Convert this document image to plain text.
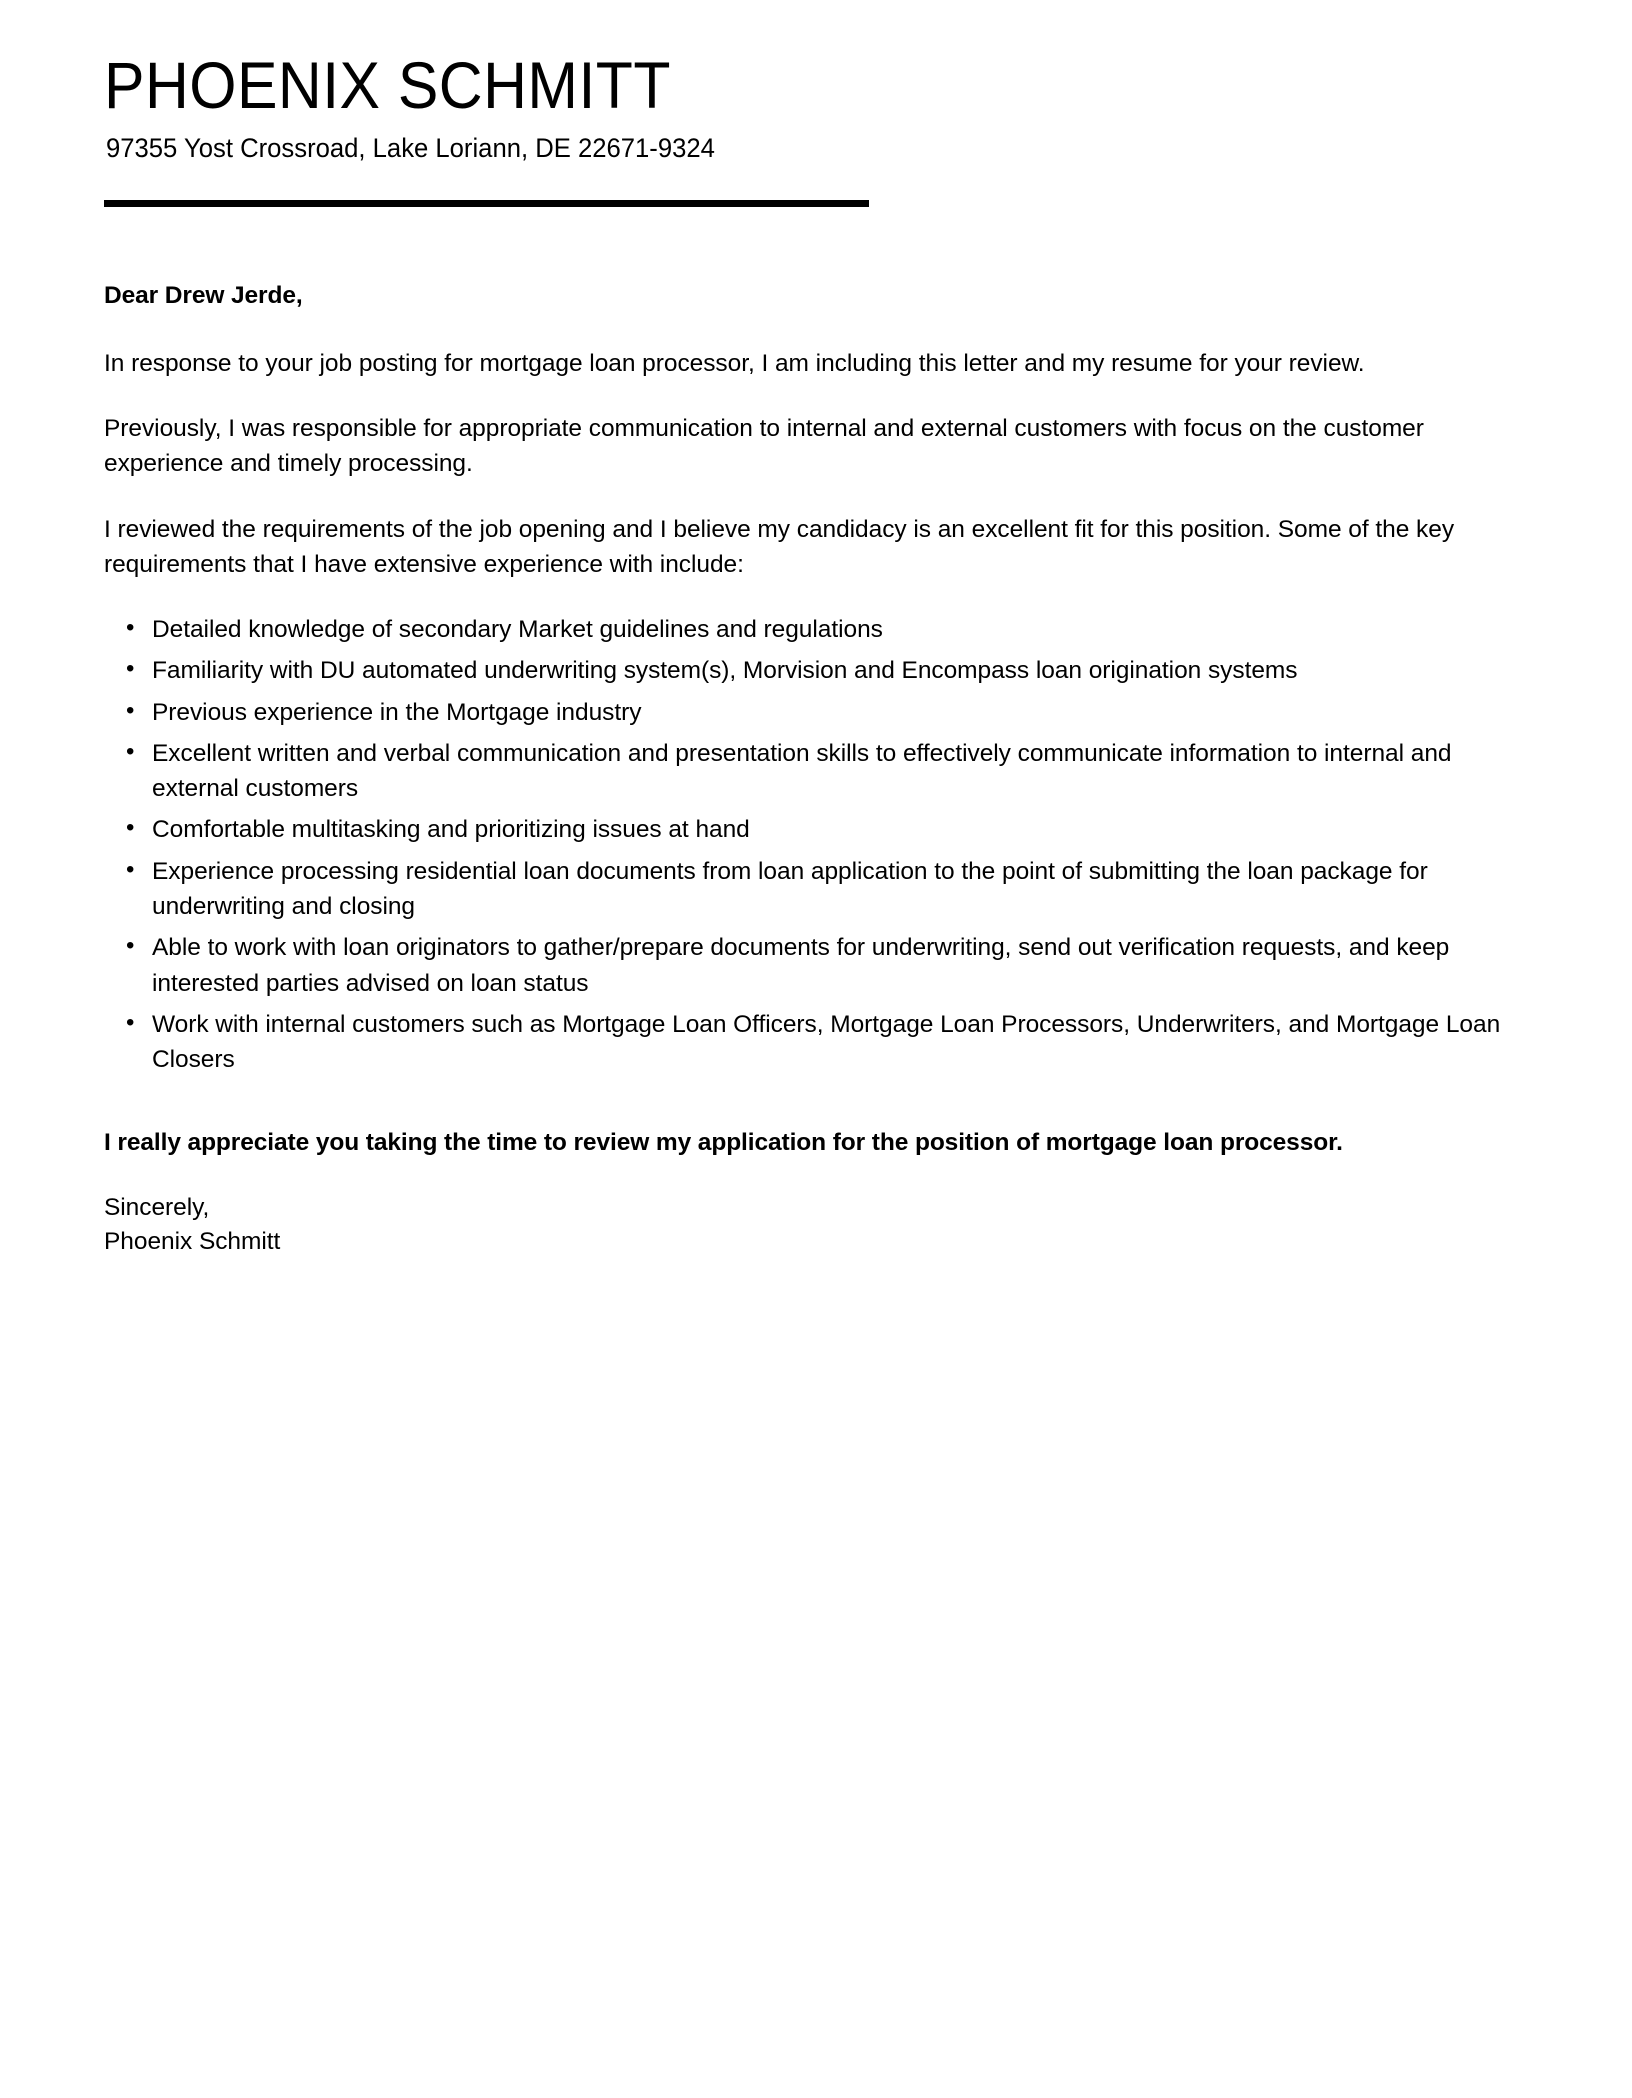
PHOENIX SCHMITT
97355 Yost Crossroad, Lake Loriann, DE 22671-9324

Dear Drew Jerde,

In response to your job posting for mortgage loan processor, I am including this letter and my resume for your review.

Previously, I was responsible for appropriate communication to internal and external customers with focus on the customer experience and timely processing.

I reviewed the requirements of the job opening and I believe my candidacy is an excellent fit for this position. Some of the key requirements that I have extensive experience with include:

• Detailed knowledge of secondary Market guidelines and regulations
• Familiarity with DU automated underwriting system(s), Morvision and Encompass loan origination systems
• Previous experience in the Mortgage industry
• Excellent written and verbal communication and presentation skills to effectively communicate information to internal and external customers
• Comfortable multitasking and prioritizing issues at hand
• Experience processing residential loan documents from loan application to the point of submitting the loan package for underwriting and closing
• Able to work with loan originators to gather/prepare documents for underwriting, send out verification requests, and keep interested parties advised on loan status
• Work with internal customers such as Mortgage Loan Officers, Mortgage Loan Processors, Underwriters, and Mortgage Loan Closers

I really appreciate you taking the time to review my application for the position of mortgage loan processor.

Sincerely,
Phoenix Schmitt
